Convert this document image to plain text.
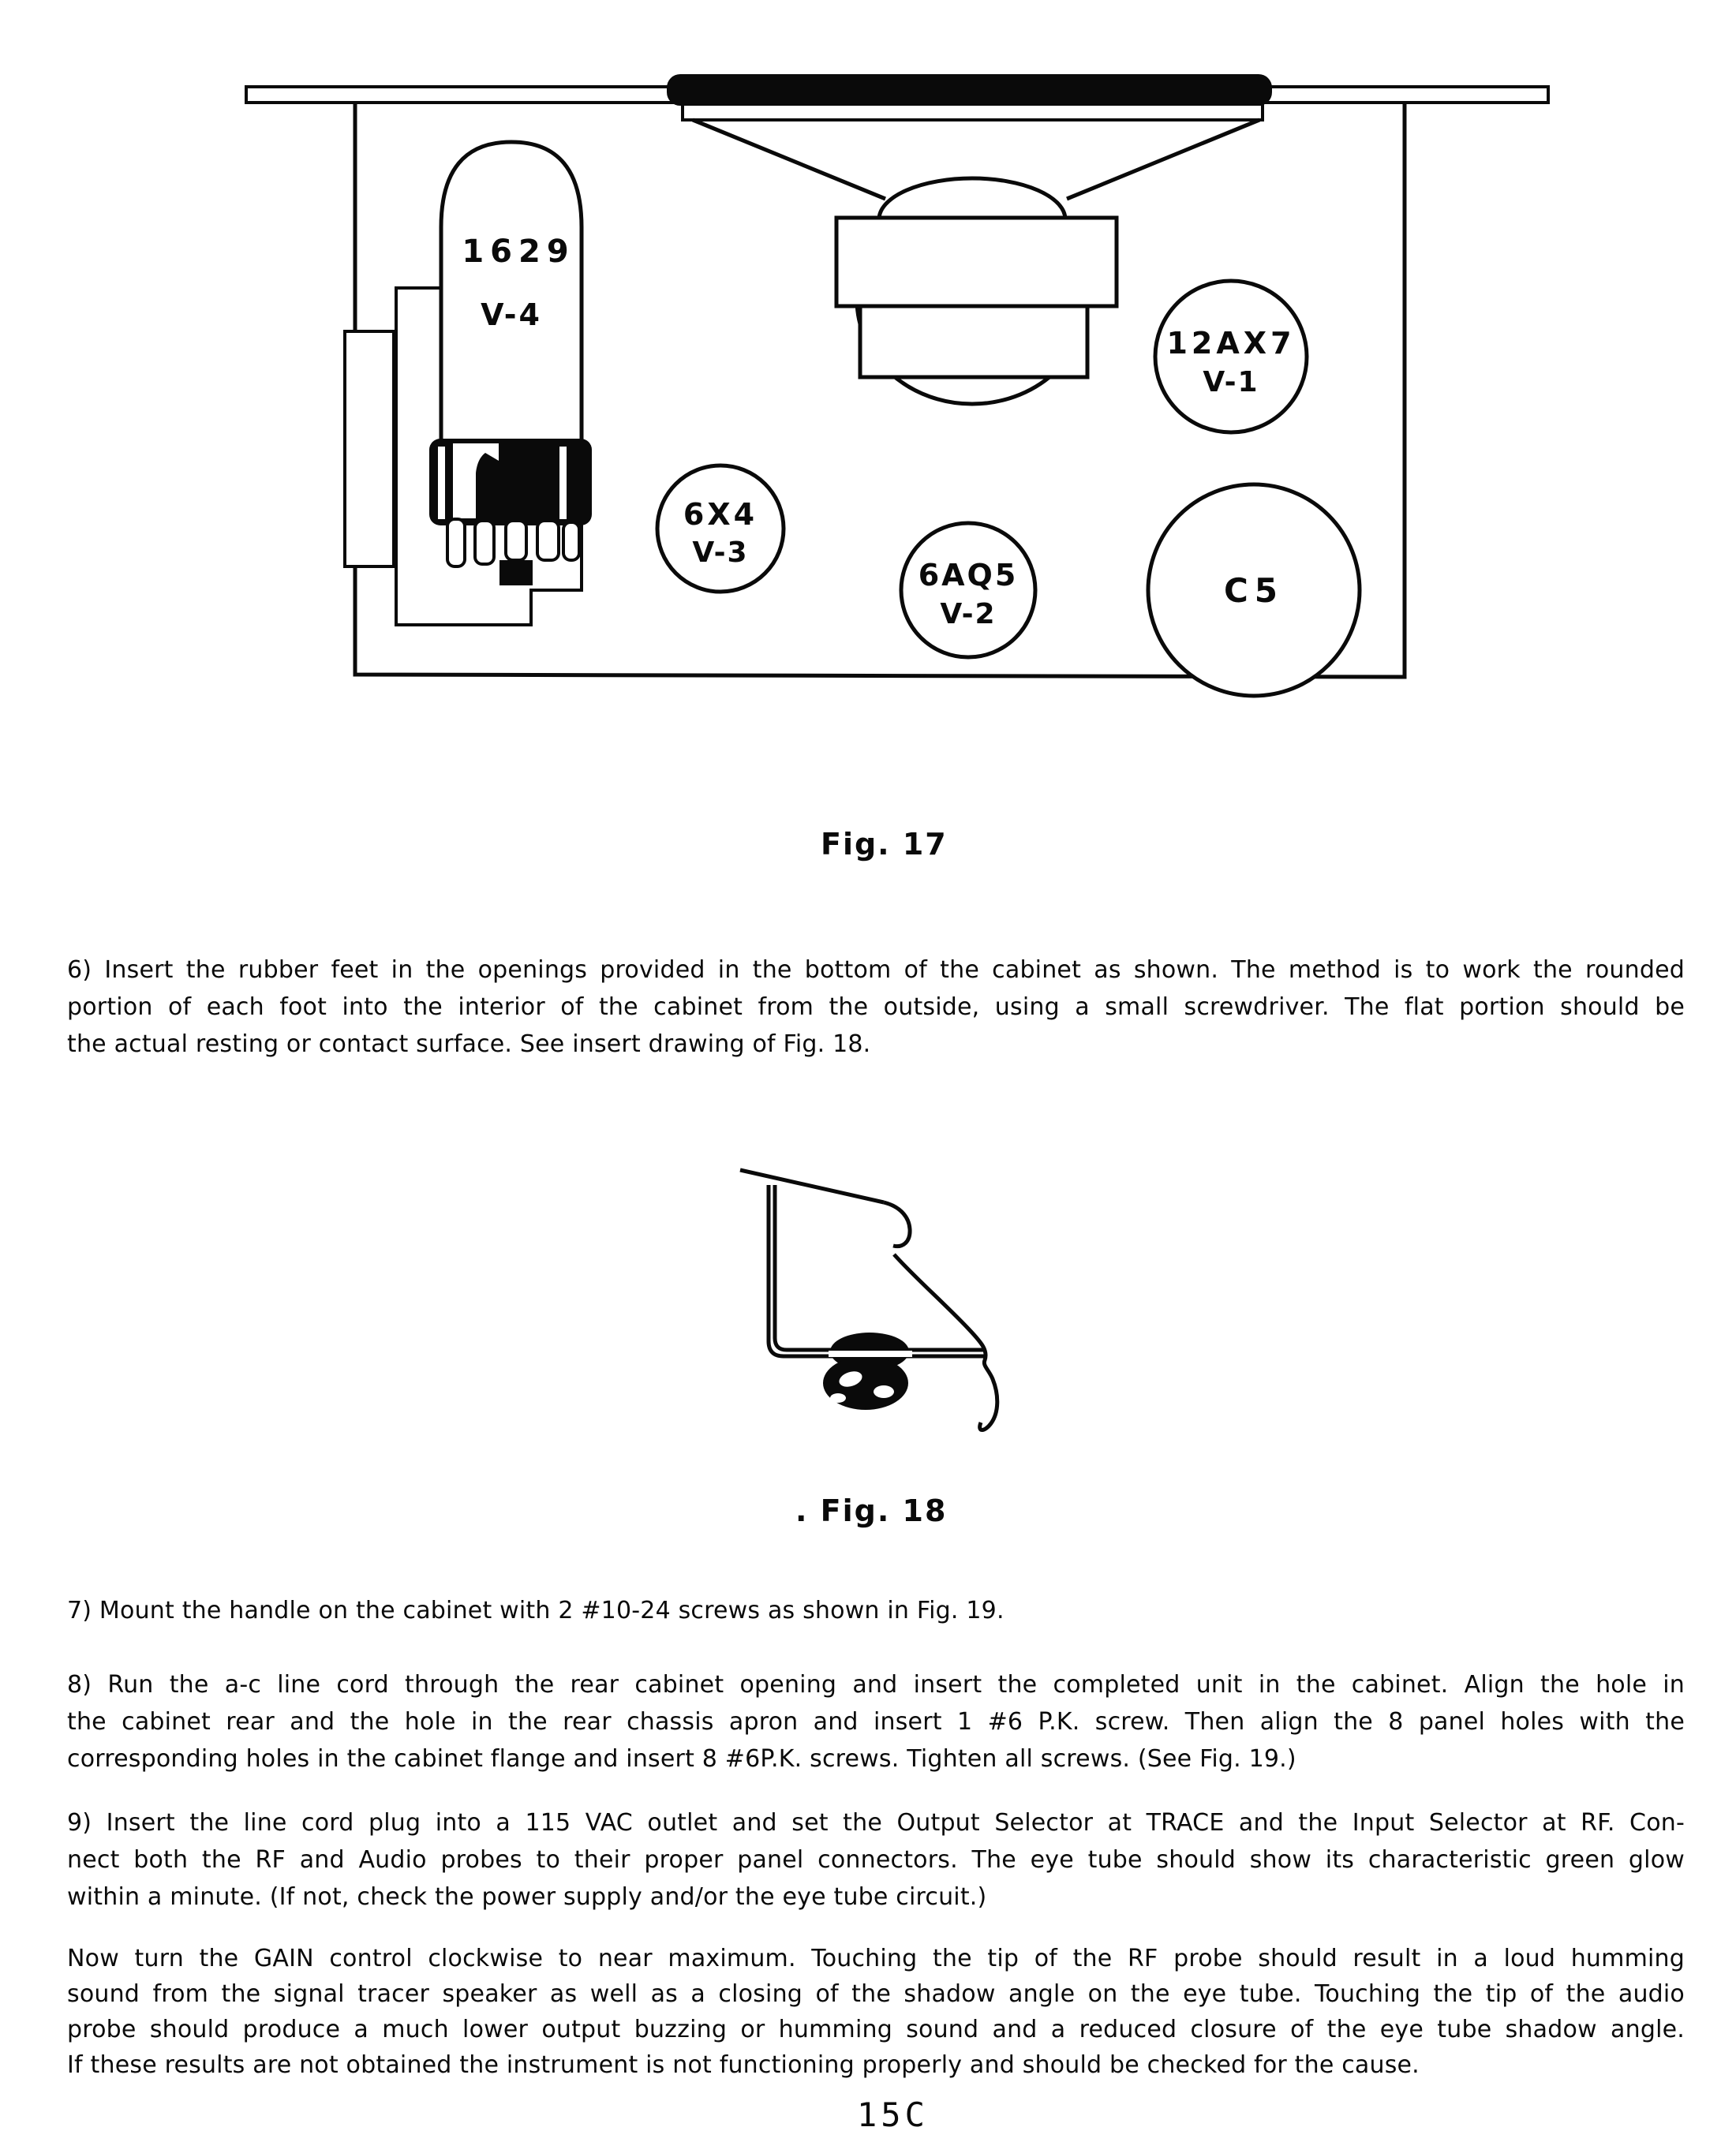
1629
V-4
12AX7
V-1
6X4
V-3
6AQ5
V-2
C5
Fig. 17
. Fig. 18
6) Insert the rubber feet in the openings provided in the bottom of the cabinet as shown. The method is to work the rounded
portion of each foot into the interior of the cabinet from the outside, using a small screwdriver. The flat portion should be
the actual resting or contact surface. See insert drawing of Fig. 18.
7) Mount the handle on the cabinet with 2 #10-24 screws as shown in Fig. 19.
8) Run the a-c line cord through the rear cabinet opening and insert the completed unit in the cabinet. Align the hole in
the cabinet rear and the hole in the rear chassis apron and insert 1 #6 P.K. screw. Then align the 8 panel holes with the
corresponding holes in the cabinet flange and insert 8 #6P.K. screws. Tighten all screws. (See Fig. 19.)
9) Insert the line cord plug into a 115 VAC outlet and set the Output Selector at TRACE and the Input Selector at RF. Con-
nect both the RF and Audio probes to their proper panel connectors. The eye tube should show its characteristic green glow
within a minute. (If not, check the power supply and/or the eye tube circuit.)
Now turn the GAIN control clockwise to near maximum. Touching the tip of the RF probe should result in a loud humming
sound from the signal tracer speaker as well as a closing of the shadow angle on the eye tube. Touching the tip of the audio
probe should produce a much lower output buzzing or humming sound and a reduced closure of the eye tube shadow angle.
If these results are not obtained the instrument is not functioning properly and should be checked for the cause.
15C
